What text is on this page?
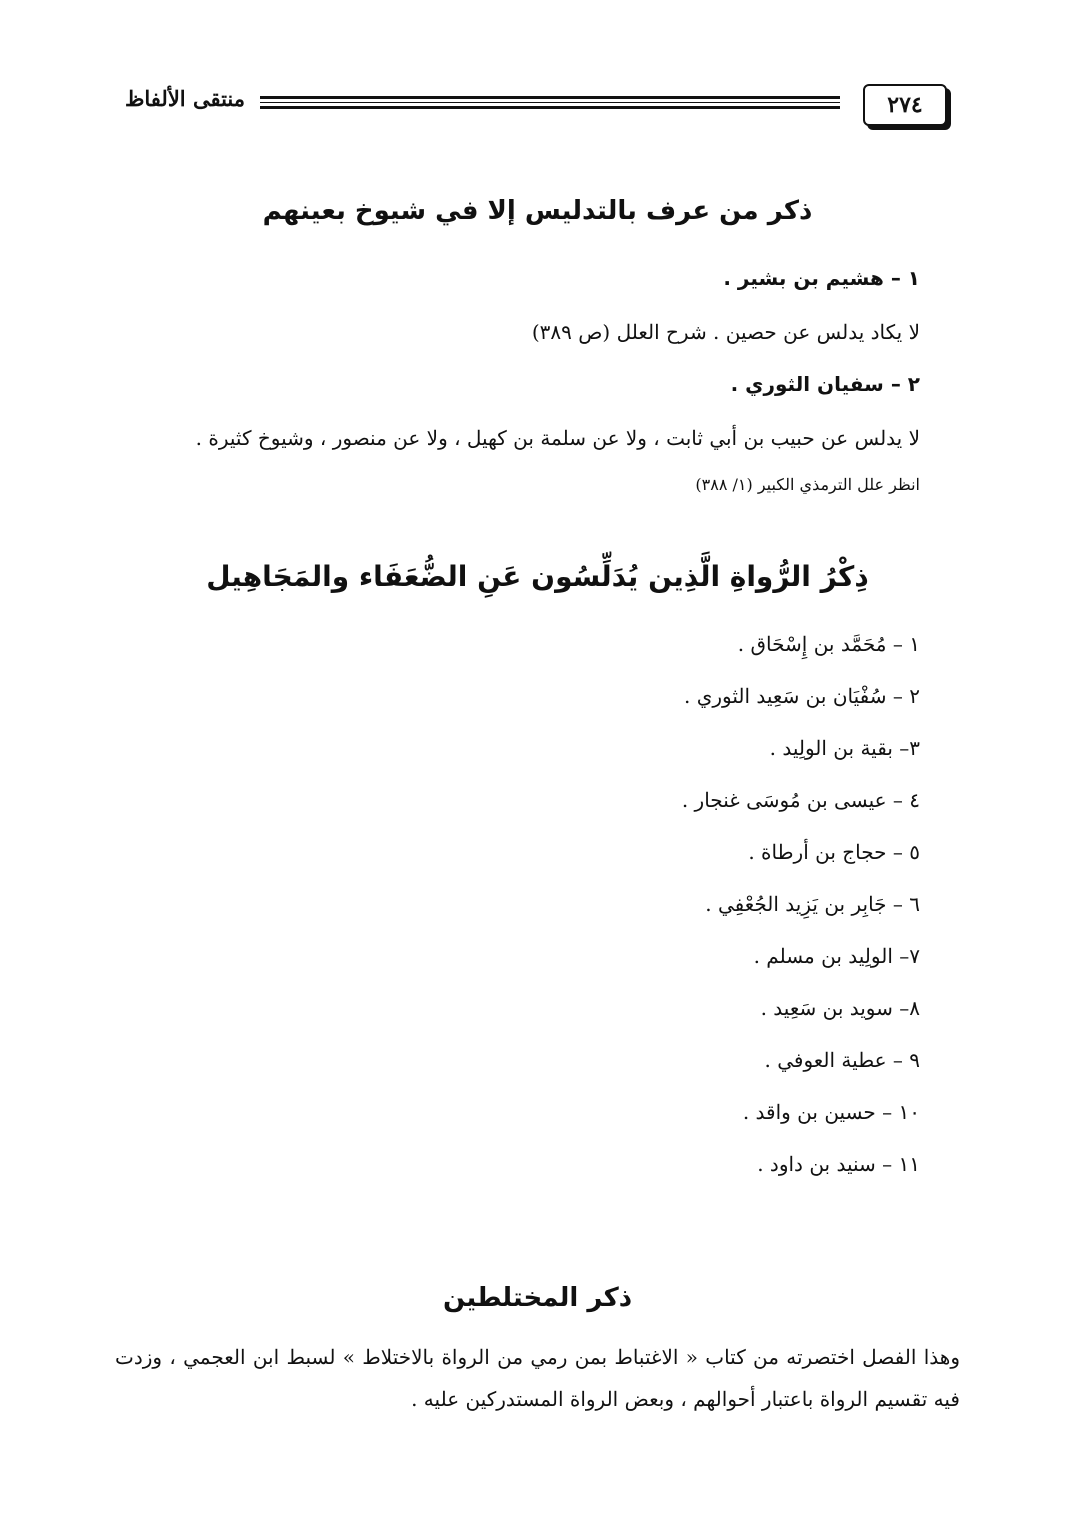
٢٧٤
منتقى الألفاظ
ذكر من عرف بالتدليس إلا في شيوخ بعينهم
١ – هشيم بن بشير .
لا يكاد يدلس عن حصين . شرح العلل (ص ٣٨٩)
٢ – سفيان الثوري .
لا يدلس عن حبيب بن أبي ثابت ، ولا عن سلمة بن كهيل ، ولا عن منصور ، وشيوخ كثيرة .
انظر علل الترمذي الكبير (١/ ٣٨٨)
ذِكْرُ الرُّواةِ الَّذِين يُدَلِّسُون عَنِ الضُّعَفَاء والمَجَاهِيل
١ – مُحَمَّد بن إِسْحَاق .
٢ – سُفْيَان بن سَعِيد الثوري .
٣– بقية بن الولِيد .
٤ – عيسى بن مُوسَى غنجار .
٥ – حجاج بن أرطاة .
٦ – جَابِر بن يَزِيد الجُعْفِي .
٧– الولِيد بن مسلم .
٨– سويد بن سَعِيد .
٩ – عطية العوفي .
١٠ – حسين بن واقد .
١١ – سنيد بن داود .
ذكر المختلطين
وهذا الفصل اختصرته من كتاب « الاغتباط بمن رمي من الرواة بالاختلاط » لسبط ابن العجمي ، وزدت فيه تقسيم الرواة باعتبار أحوالهم ، وبعض الرواة المستدركين عليه .
